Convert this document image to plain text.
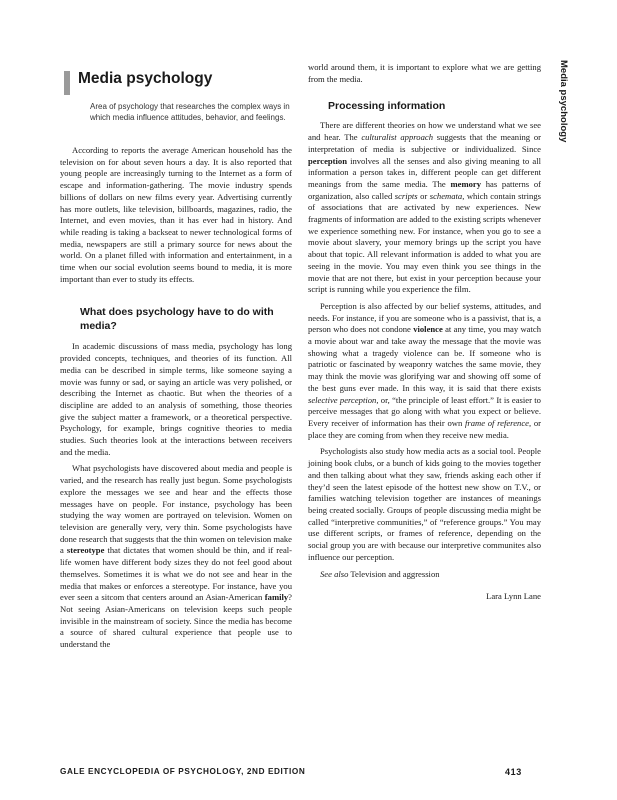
Media psychology
Media psychology
Area of psychology that researches the complex ways in which media influence attitudes, behavior, and feelings.

According to reports the average American household has the television on for about seven hours a day. It is also reported that young people are increasingly turning to the Internet as a form of escape and information-gathering. The movie industry spends billions of dollars on new films every year. Advertising currently has more outlets, like television, billboards, magazines, radio, the Internet, and even movies, than it has ever had in history. And while reading is taking a backseat to newer technological forms of media, newspapers are still a primary source for news about the world. On a planet filled with information and entertainment, in a time when our social evolution seems bound to media, it is more important than ever to study its effects.

What does psychology have to do with media?

In academic discussions of mass media, psychology has long provided concepts, techniques, and theories of its function. All media can be described in simple terms, like someone saying a movie was funny or sad, or saying an article was very polished, or describing the Internet as chaotic. But when the theories of a discipline are added to an analysis of something, those theories give the subject matter a framework, or a theoretical perspective. Psychology, for example, brings cognitive theories to media studies. Such theories look at the interactions between receivers and the media.

What psychologists have discovered about media and people is varied, and the research has really just begun. Some psychologists explore the messages we see and hear and the effects those messages have on people. For instance, psychology has been studying the way women are portrayed on television. Women on television are generally very, very thin. Some psychologists have done research that suggests that the thin women on television make a stereotype that dictates that women should be thin, and if real-life women have different body sizes they do not feel good about themselves. Sometimes it is what we do not see and hear in the media that makes or enforces a stereotype. For instance, have you ever seen a sitcom that centers around an Asian-American family? Not seeing Asian-Americans on television keeps such people invisible in the mainstream of society. Since the media has become a source of shared cultural experience that people use to understand the

world around them, it is important to explore what we are getting from the media.

Processing information

There are different theories on how we understand what we see and hear. The culturalist approach suggests that the meaning or interpretation of media is subjective or individualized. Since perception involves all the senses and also giving meaning to all information a person takes in, different people can get different meanings from the same media. The memory has patterns of organization, also called scripts or schemata, which contain strings of associations that are activated by new experiences. New fragments of information are added to the existing scripts whenever we experience something new. For instance, when you go to see a movie about slavery, your memory brings up the script you have about that topic. All relevant information is added to what you are seeing in the movie. You may even think you see things in the movie that are not there, but exist in your perception because your script is running while you experience the film.

Perception is also affected by our belief systems, attitudes, and needs. For instance, if you are someone who is a passivist, that is, a person who does not condone violence at any time, you may watch a movie about war and take away the message that the movie was showing what a tragedy violence can be. If someone who is patriotic or fascinated by weaponry watches the same movie, they may think the movie was glorifying war and showing off some of the best guns ever made. In this way, it is said that there exists selective perception, or, “the principle of least effort.” It is easier to perceive messages that go along with what you expect or believe. Every receiver of information has their own frame of reference, or place they are coming from when they receive new media.

Psychologists also study how media acts as a social tool. People joining book clubs, or a bunch of kids going to the movies together and then talking about what they saw, friends asking each other if they’d seen the latest episode of the hottest new show on T.V., or families watching television together are instances of meanings being created socially. Groups of people discussing media might be called “interpretive communities,” of “reference groups.” You may use different scripts, or frames of reference, depending on the social group you are with because our interpretive communites also influence our perception.

See also Television and aggression

Lara Lynn Lane
GALE ENCYCLOPEDIA OF PSYCHOLOGY, 2ND EDITION	413
